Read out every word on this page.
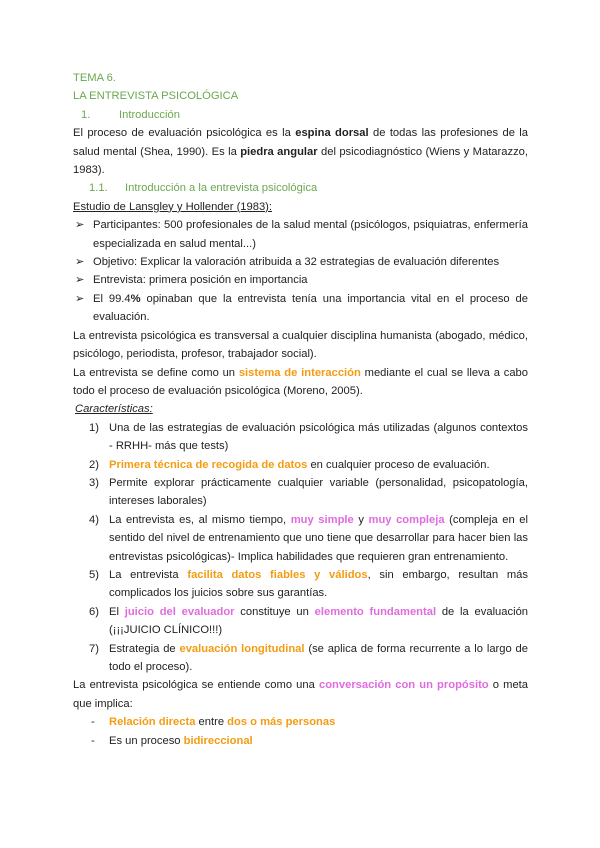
TEMA 6.
LA ENTREVISTA PSICOLÓGICA
1.	Introducción

El proceso de evaluación psicológica es la espina dorsal de todas las profesiones de la salud mental (Shea, 1990). Es la piedra angular del psicodiagnóstico (Wiens y Matarazzo, 1983).

1.1. Introducción a la entrevista psicológica
Estudio de Lansgley y Hollender (1983):
➢ Participantes: 500 profesionales de la salud mental (psicólogos, psiquiatras, enfermería especializada en salud mental...)
➢ Objetivo: Explicar la valoración atribuida a 32 estrategias de evaluación diferentes
➢ Entrevista: primera posición en importancia
➢ El 99.4% opinaban que la entrevista tenía una importancia vital en el proceso de evaluación.

La entrevista psicológica es transversal a cualquier disciplina humanista (abogado, médico, psicólogo, periodista, profesor, trabajador social).

La entrevista se define como un sistema de interacción mediante el cual se lleva a cabo todo el proceso de evaluación psicológica (Moreno, 2005).

Características:
1) Una de las estrategias de evaluación psicológica más utilizadas (algunos contextos - RRHH- más que tests)
2) Primera técnica de recogida de datos en cualquier proceso de evaluación.
3) Permite explorar prácticamente cualquier variable (personalidad, psicopatología, intereses laborales)
4) La entrevista es, al mismo tiempo, muy simple y muy compleja (compleja en el sentido del nivel de entrenamiento que uno tiene que desarrollar para hacer bien las entrevistas psicológicas)- Implica habilidades que requieren gran entrenamiento.
5) La entrevista facilita datos fiables y válidos, sin embargo, resultan más complicados los juicios sobre sus garantías.
6) El juicio del evaluador constituye un elemento fundamental de la evaluación (¡¡¡JUICIO CLÍNICO!!!)
7) Estrategia de evaluación longitudinal (se aplica de forma recurrente a lo largo de todo el proceso).

La entrevista psicológica se entiende como una conversación con un propósito o meta que implica:

- Relación directa entre dos o más personas
- Es un proceso bidireccional
